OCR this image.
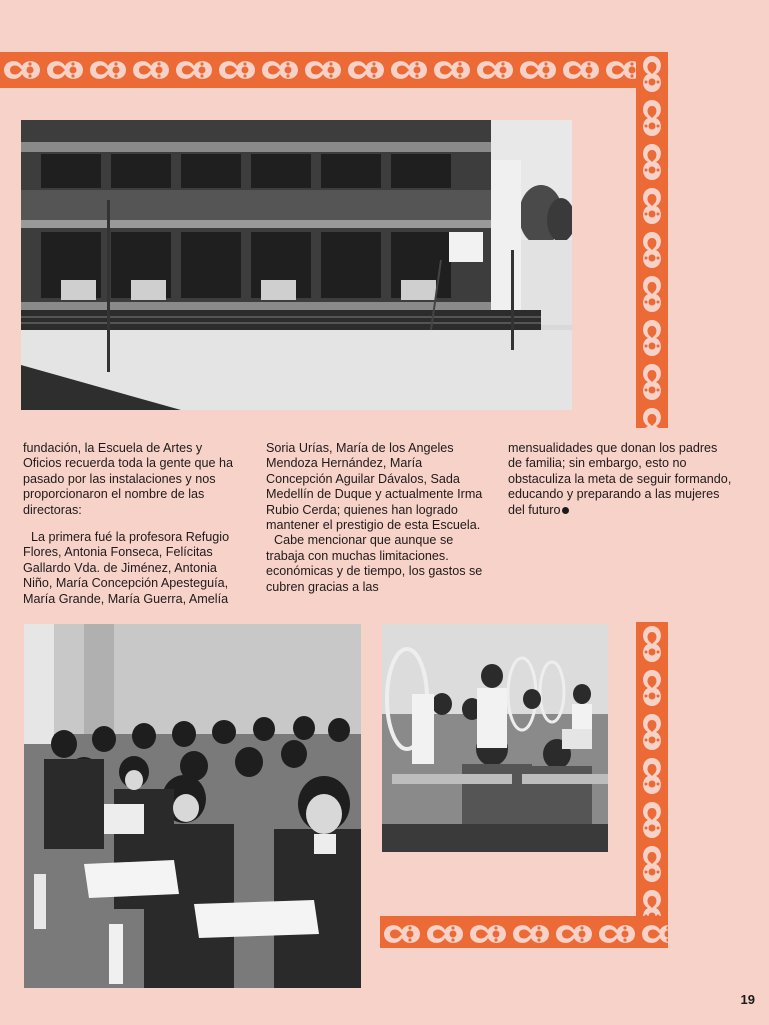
fundación, la Escuela de Artes y Oficios recuerda toda la gente que ha pasado por las instalaciones y nos proporcionaron el nombre de las directoras:

La primera fué la profesora Refugio Flores, Antonia Fonseca, Felícitas Gallardo Vda. de Jiménez, Antonia Niño, María Concepción Apesteguía, María Grande, María Guerra, Amelía

Soria Urías, María de los Angeles Mendoza Hernández, María Concepción Aguilar Dávalos, Sada Medellín de Duque y actualmente Irma Rubio Cerda; quienes han logrado mantener el prestigio de esta Escuela.

Cabe mencionar que aunque se trabaja con muchas limitaciones. económicas y de tiempo, los gastos se cubren gracias a las

mensualidades que donan los padres de familia; sin embargo, esto no obstaculiza la meta de seguir formando, educando y preparando a las mujeres del futuro

19
